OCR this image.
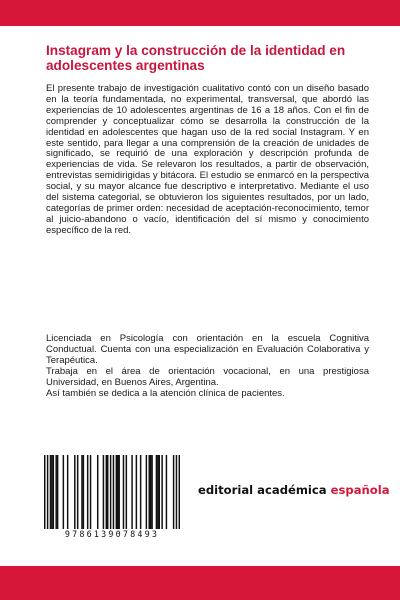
Instagram y la construcción de la identidad en adolescentes argentinas

El presente trabajo de investigación cualitativo contó con un diseño basado en la teoría fundamentada, no experimental, transversal, que abordó las experiencias de 10 adolescentes argentinas de 16 a 18 años. Con el fin de comprender y conceptualizar cómo se desarrolla la construcción de la identidad en adolescentes que hagan uso de la red social Instagram. Y en este sentido, para llegar a una comprensión de la creación de unidades de significado, se requirió de una exploración y descripción profunda de experiencias de vida. Se relevaron los resultados, a partir de observación, entrevistas semidirigidas y bitácora. El estudio se enmarcó en la perspectiva social, y su mayor alcance fue descriptivo e interpretativo. Mediante el uso del sistema categorial, se obtuvieron los siguientes resultados, por un lado, categorías de primer orden: necesidad de aceptación-reconocimiento, temor al juicio-abandono o vacío, identificación del sí mismo y conocimiento específico de la red.

Licenciada en Psicología con orientación en la escuela Cognitiva Conductual. Cuenta con una especialización en Evaluación Colaborativa y Terapéutica.

Trabaja en el área de orientación vocacional, en una prestigiosa Universidad, en Buenos Aires, Argentina.

Así también se dedica a la atención clínica de pacientes.

9786139078493
editorial académica española
